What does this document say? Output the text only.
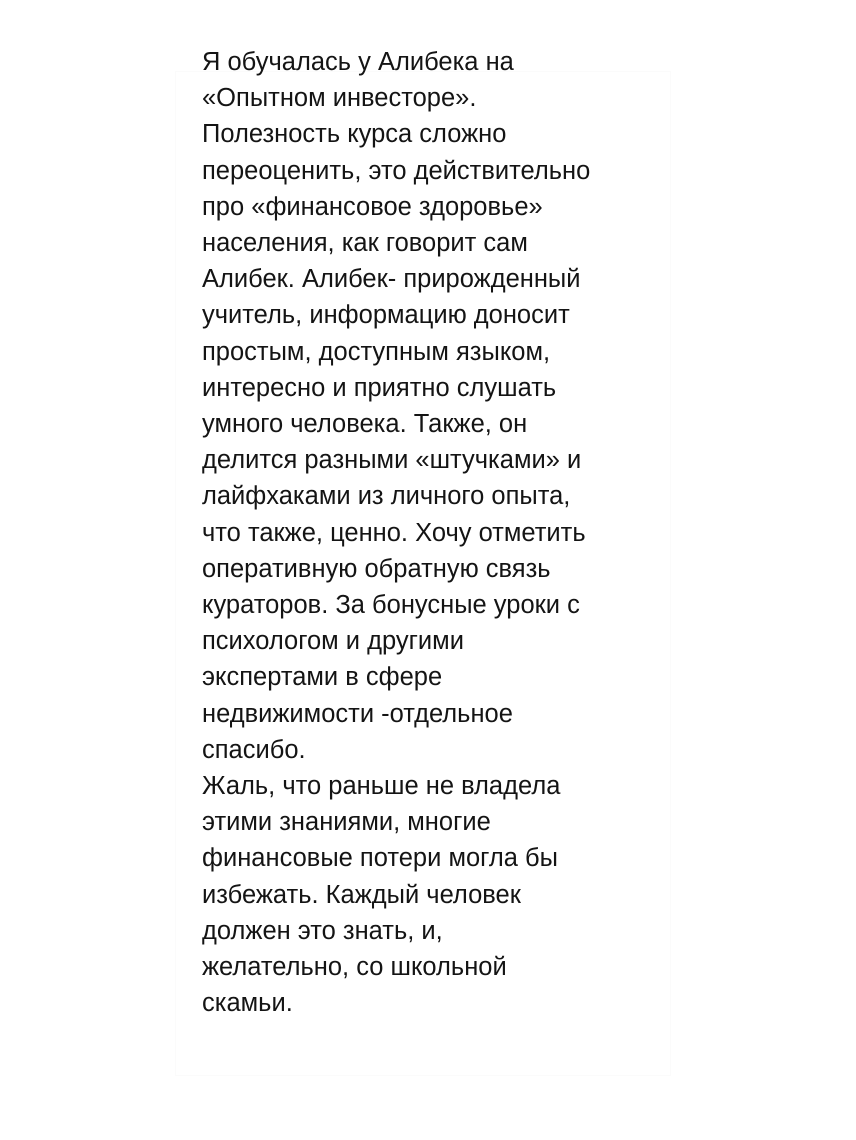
Я обучалась у Алибека на
«Опытном инвесторе».
Полезность курса сложно
переоценить, это действительно
про «финансовое здоровье»
населения, как говорит сам
Алибек. Алибек- прирожденный
учитель, информацию доносит
простым, доступным языком,
интересно и приятно слушать
умного человека. Также, он
делится разными «штучками» и
лайфхаками из личного опыта,
что также, ценно. Хочу отметить
оперативную обратную связь
кураторов. За бонусные уроки с
психологом и другими
экспертами в сфере
недвижимости -отдельное
спасибо.
Жаль, что раньше не владела
этими знаниями, многие
финансовые потери могла бы
избежать. Каждый человек
должен это знать, и,
желательно, со школьной
скамьи.
